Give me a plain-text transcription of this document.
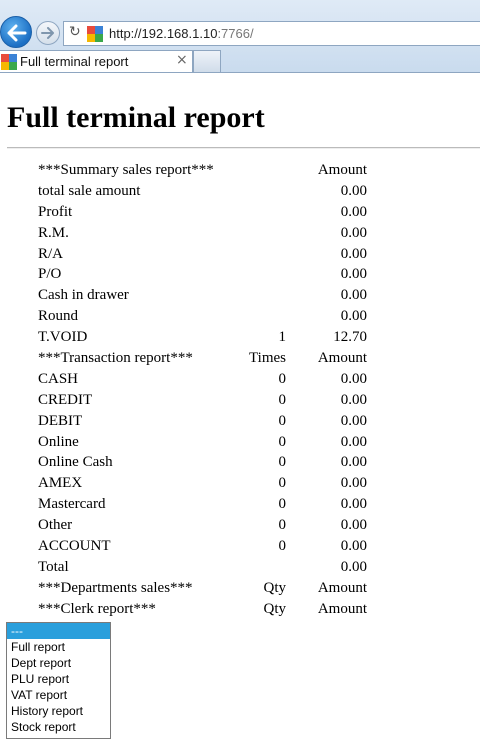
↻ http://192.168.1.10:7766/
Full terminal report	×
Full terminal report
***Summary sales report***	Amount
total sale amount	0.00
Profit	0.00
R.M.	0.00
R/A	0.00
P/O	0.00
Cash in drawer	0.00
Round	0.00
T.VOID	1	12.70
***Transaction report***	Times	Amount
CASH	0	0.00
CREDIT	0	0.00
DEBIT	0	0.00
Online	0	0.00
Online Cash	0	0.00
AMEX	0	0.00
Mastercard	0	0.00
Other	0	0.00
ACCOUNT	0	0.00
Total	0.00
***Departments sales***	Qty	Amount
***Clerk report***	Qty	Amount
---
Full report
Dept report
PLU report
VAT report
History report
Stock report
